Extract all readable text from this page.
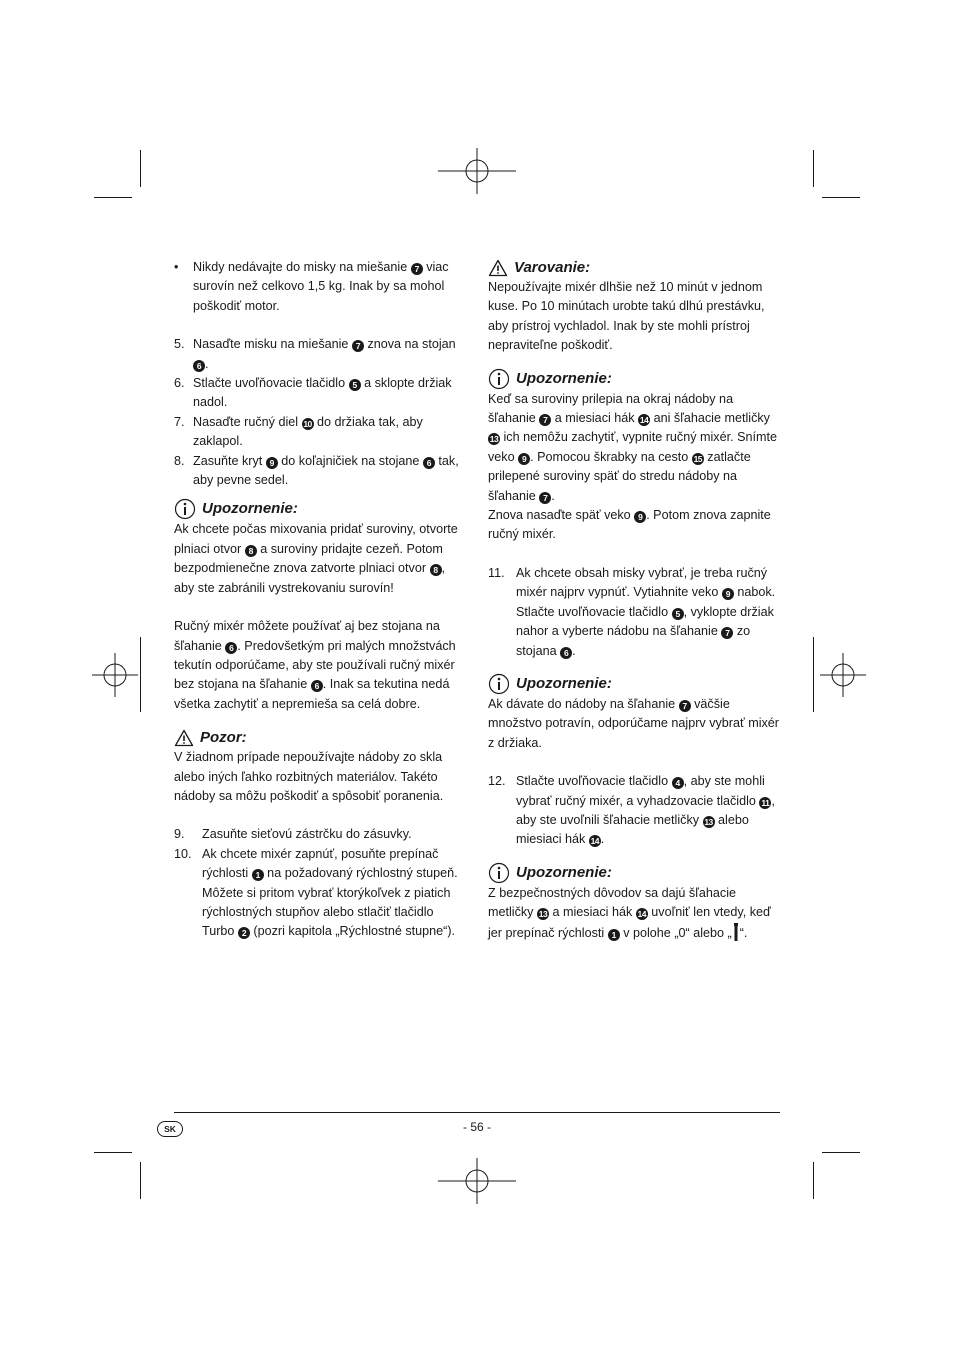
• Nikdy nedávajte do misky na miešanie 7 viac surovín než celkovo 1,5 kg. Inak by sa mohol poškodiť motor.

5. Nasaďte misku na miešanie 7 znova na stojan 6 .

6. Stlačte uvoľňovacie tlačidlo 5 a sklopte držiak nadol.

7. Nasaďte ručný diel 10 do držiaka tak, aby zaklapol.

8. Zasuňte kryt 9 do koľajničiek na stojane 6 tak, aby pevne sedel.

Upozornenie:

Ak chcete počas mixovania pridať suroviny, otvorte plniaci otvor 8 a suroviny pridajte cezeň. Potom bezpodmienečne znova zatvorte plniaci otvor 8 , aby ste zabránili vystrekovaniu surovín!

Ručný mixér môžete používať aj bez stojana na šľahanie 6 . Predovšetkým pri malých množstvách tekutín odporúčame, aby ste používali ručný mixér bez stojana na šľahanie 6 . Inak sa tekutina nedá všetka zachytiť a nepremieša sa celá dobre.

Pozor:

V žiadnom prípade nepoužívajte nádoby zo skla alebo iných ľahko rozbitných materiálov. Takéto nádoby sa môžu poškodiť a spôsobiť poranenia.

9. Zasuňte sieťovú zástrčku do zásuvky.

10. Ak chcete mixér zapnúť, posuňte prepínač rýchlosti 1 na požadovaný rýchlostný stupeň. Môžete si pritom vybrať ktorýkoľvek z piatich rýchlostných stupňov alebo stlačiť tlačidlo Turbo 2 (pozri kapitola „Rýchlostné stupne“).

Varovanie:

Nepoužívajte mixér dlhšie než 10 minút v jednom kuse. Po 10 minútach urobte takú dlhú prestávku, aby prístroj vychladol. Inak by ste mohli prístroj nepraviteľne poškodiť.

Upozornenie:

Keď sa suroviny prilepia na okraj nádoby na šľahanie 7 a miesiaci hák 14 ani šľahacie metličky 13 ich nemôžu zachytiť, vypnite ručný mixér. Snímte veko 9 . Pomocou škrabky na cesto 15 zatlačte prilepené suroviny späť do stredu nádoby na šľahanie 7 .

Znova nasaďte späť veko 9 . Potom znova zapnite ručný mixér.

11. Ak chcete obsah misky vybrať, je treba ručný mixér najprv vypnúť. Vytiahnite veko 9 nabok. Stlačte uvoľňovacie tlačidlo 5 , vyklopte držiak nahor a vyberte nádobu na šľahanie 7 zo stojana 6 .

Upozornenie:

Ak dávate do nádoby na šľahanie 7 väčšie množstvo potravín, odporúčame najprv vybrať mixér z držiaka.

12. Stlačte uvoľňovacie tlačidlo 4 , aby ste mohli vybrať ručný mixér, a vyhadzovacie tlačidlo 11 , aby ste uvoľnili šľahacie metličky 13 alebo miesiaci hák 14 .

Upozornenie:

Z bezpečnostných dôvodov sa dajú šľahacie metličky 13 a miesiaci hák 14 uvoľniť len vtedy, keď jer prepínač rýchlosti 1 v polohe „0“ alebo „ “.

SK	- 56 -
